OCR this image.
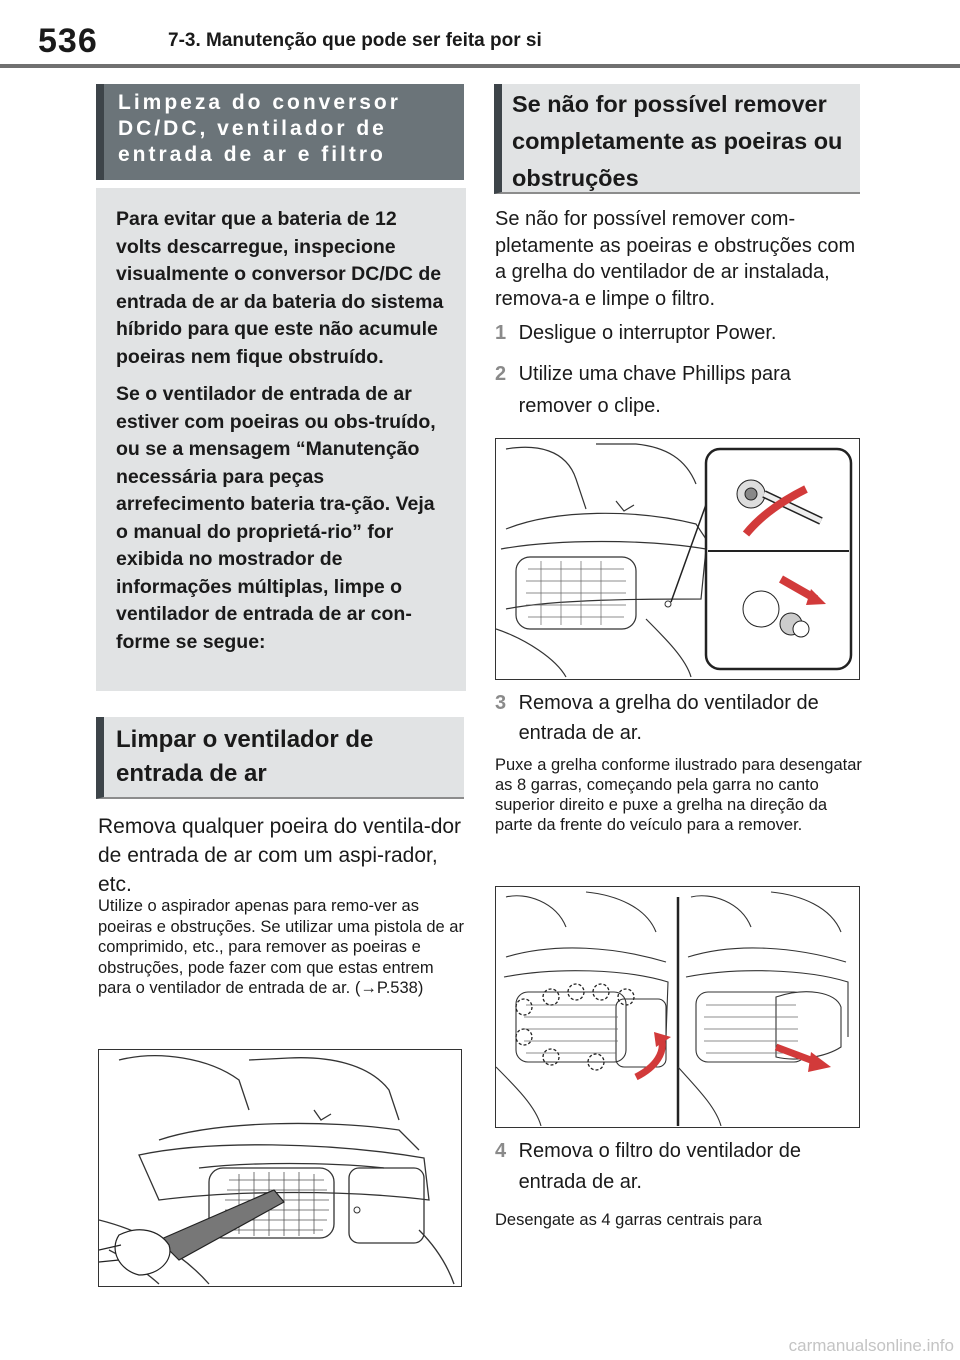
536	7-3. Manutenção que pode ser feita por si
Limpeza do conversor
DC/DC, ventilador de
entrada de ar e filtro

Para evitar que a bateria de 12 volts descarregue, inspecione visualmente o conversor DC/DC de entrada de ar da bateria do sistema híbrido para que este não acumule poeiras nem fique obstruído.

Se o ventilador de entrada de ar estiver com poeiras ou obs-truído, ou se a mensagem “Manutenção necessária para peças arrefecimento bateria tra-ção. Veja o manual do proprietá-rio” for exibida no mostrador de informações múltiplas, limpe o ventilador de entrada de ar con-forme se segue:

Limpar o ventilador de entrada de ar
Remova qualquer poeira do ventila-dor de entrada de ar com um aspi-rador, etc.
Utilize o aspirador apenas para remo-ver as poeiras e obstruções. Se utilizar uma pistola de ar comprimido, etc., para remover as poeiras e obstruções, pode fazer com que estas entrem para o ventilador de entrada de ar. (→P.538)
Se não for possível remover completamente as poeiras ou obstruções
Se não for possível remover com-pletamente as poeiras e obstruções com a grelha do ventilador de ar instalada, remova-a e limpe o filtro.
1 Desligue o interruptor Power.
2 Utilize uma chave Phillips para remover o clipe.
3 Remova a grelha do ventilador de entrada de ar.
Puxe a grelha conforme ilustrado para desengatar as 8 garras, começando pela garra no canto superior direito e puxe a grelha na direção da parte da frente do veículo para a remover.
4 Remova o filtro do ventilador de entrada de ar.
Desengate as 4 garras centrais para
carmanualsonline.info
